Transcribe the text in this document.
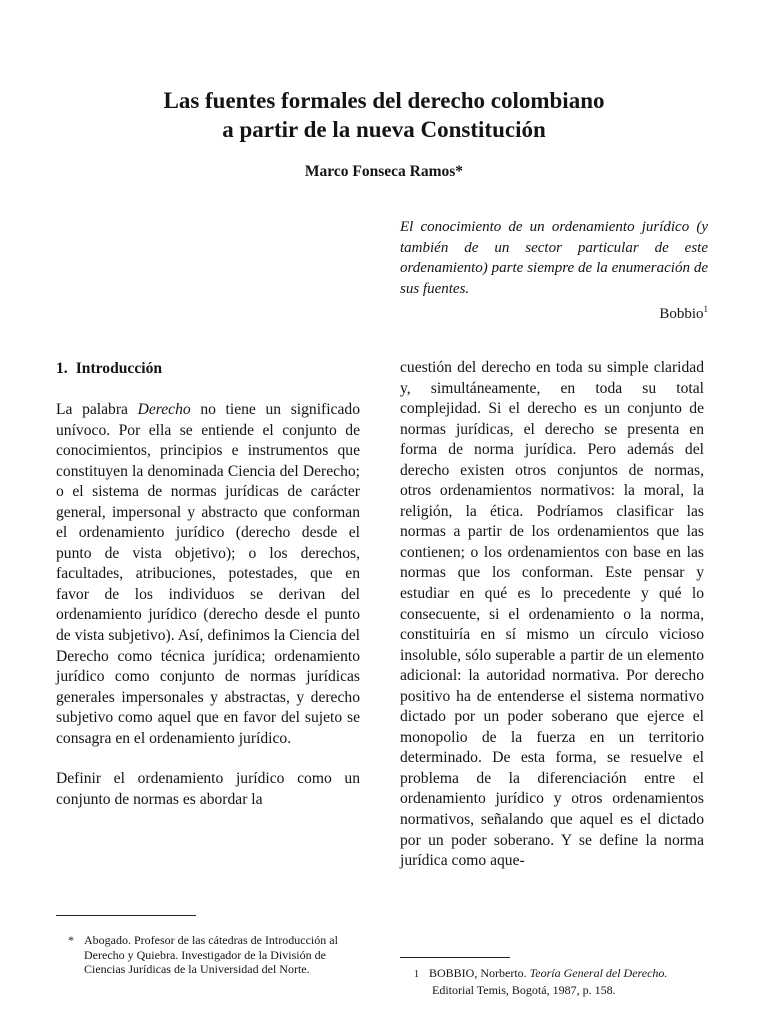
Las fuentes formales del derecho colombiano
a partir de la nueva Constitución
Marco Fonseca Ramos*
El conocimiento de un ordenamiento jurídico (y también de un sector particular de este ordenamiento) parte siempre de la enumeración de sus fuentes.
Bobbio$^1$
1. Introducción

La palabra Derecho no tiene un significado unívoco. Por ella se entiende el conjunto de conocimientos, principios e instrumentos que constituyen la denominada Ciencia del Derecho; o el sistema de normas jurídicas de carácter general, impersonal y abstracto que conforman el ordenamiento jurídico (derecho desde el punto de vista objetivo); o los derechos, facultades, atribuciones, potestades, que en favor de los individuos se derivan del ordenamiento jurídico (derecho desde el punto de vista subjetivo). Así, definimos la Ciencia del Derecho como técnica jurídica; ordenamiento jurídico como conjunto de normas jurídicas generales impersonales y abstractas, y derecho subjetivo como aquel que en favor del sujeto se consagra en el ordenamiento jurídico.

Definir el ordenamiento jurídico como un conjunto de normas es abordar la

cuestión del derecho en toda su simple claridad y, simultáneamente, en toda su total complejidad. Si el derecho es un conjunto de normas jurídicas, el derecho se presenta en forma de norma jurídica. Pero además del derecho existen otros conjuntos de normas, otros ordenamientos normativos: la moral, la religión, la ética. Podríamos clasificar las normas a partir de los ordenamientos que las contienen; o los ordenamientos con base en las normas que los conforman. Este pensar y estudiar en qué es lo precedente y qué lo consecuente, si el ordenamiento o la norma, constituiría en sí mismo un círculo vicioso insoluble, sólo superable a partir de un elemento adicional: la autoridad normativa. Por derecho positivo ha de entenderse el sistema normativo dictado por un poder soberano que ejerce el monopolio de la fuerza en un territorio determinado. De esta forma, se resuelve el problema de la diferenciación entre el ordenamiento jurídico y otros ordenamientos normativos, señalando que aquel es el dictado por un poder soberano. Y se define la norma jurídica como aque-

* Abogado. Profesor de las cátedras de Introducción al Derecho y Quiebra. Investigador de la División de Ciencias Jurídicas de la Universidad del Norte.	1 BOBBIO, Norberto. Teoría General del Derecho. Editorial Temis, Bogotá, 1987, p. 158.
